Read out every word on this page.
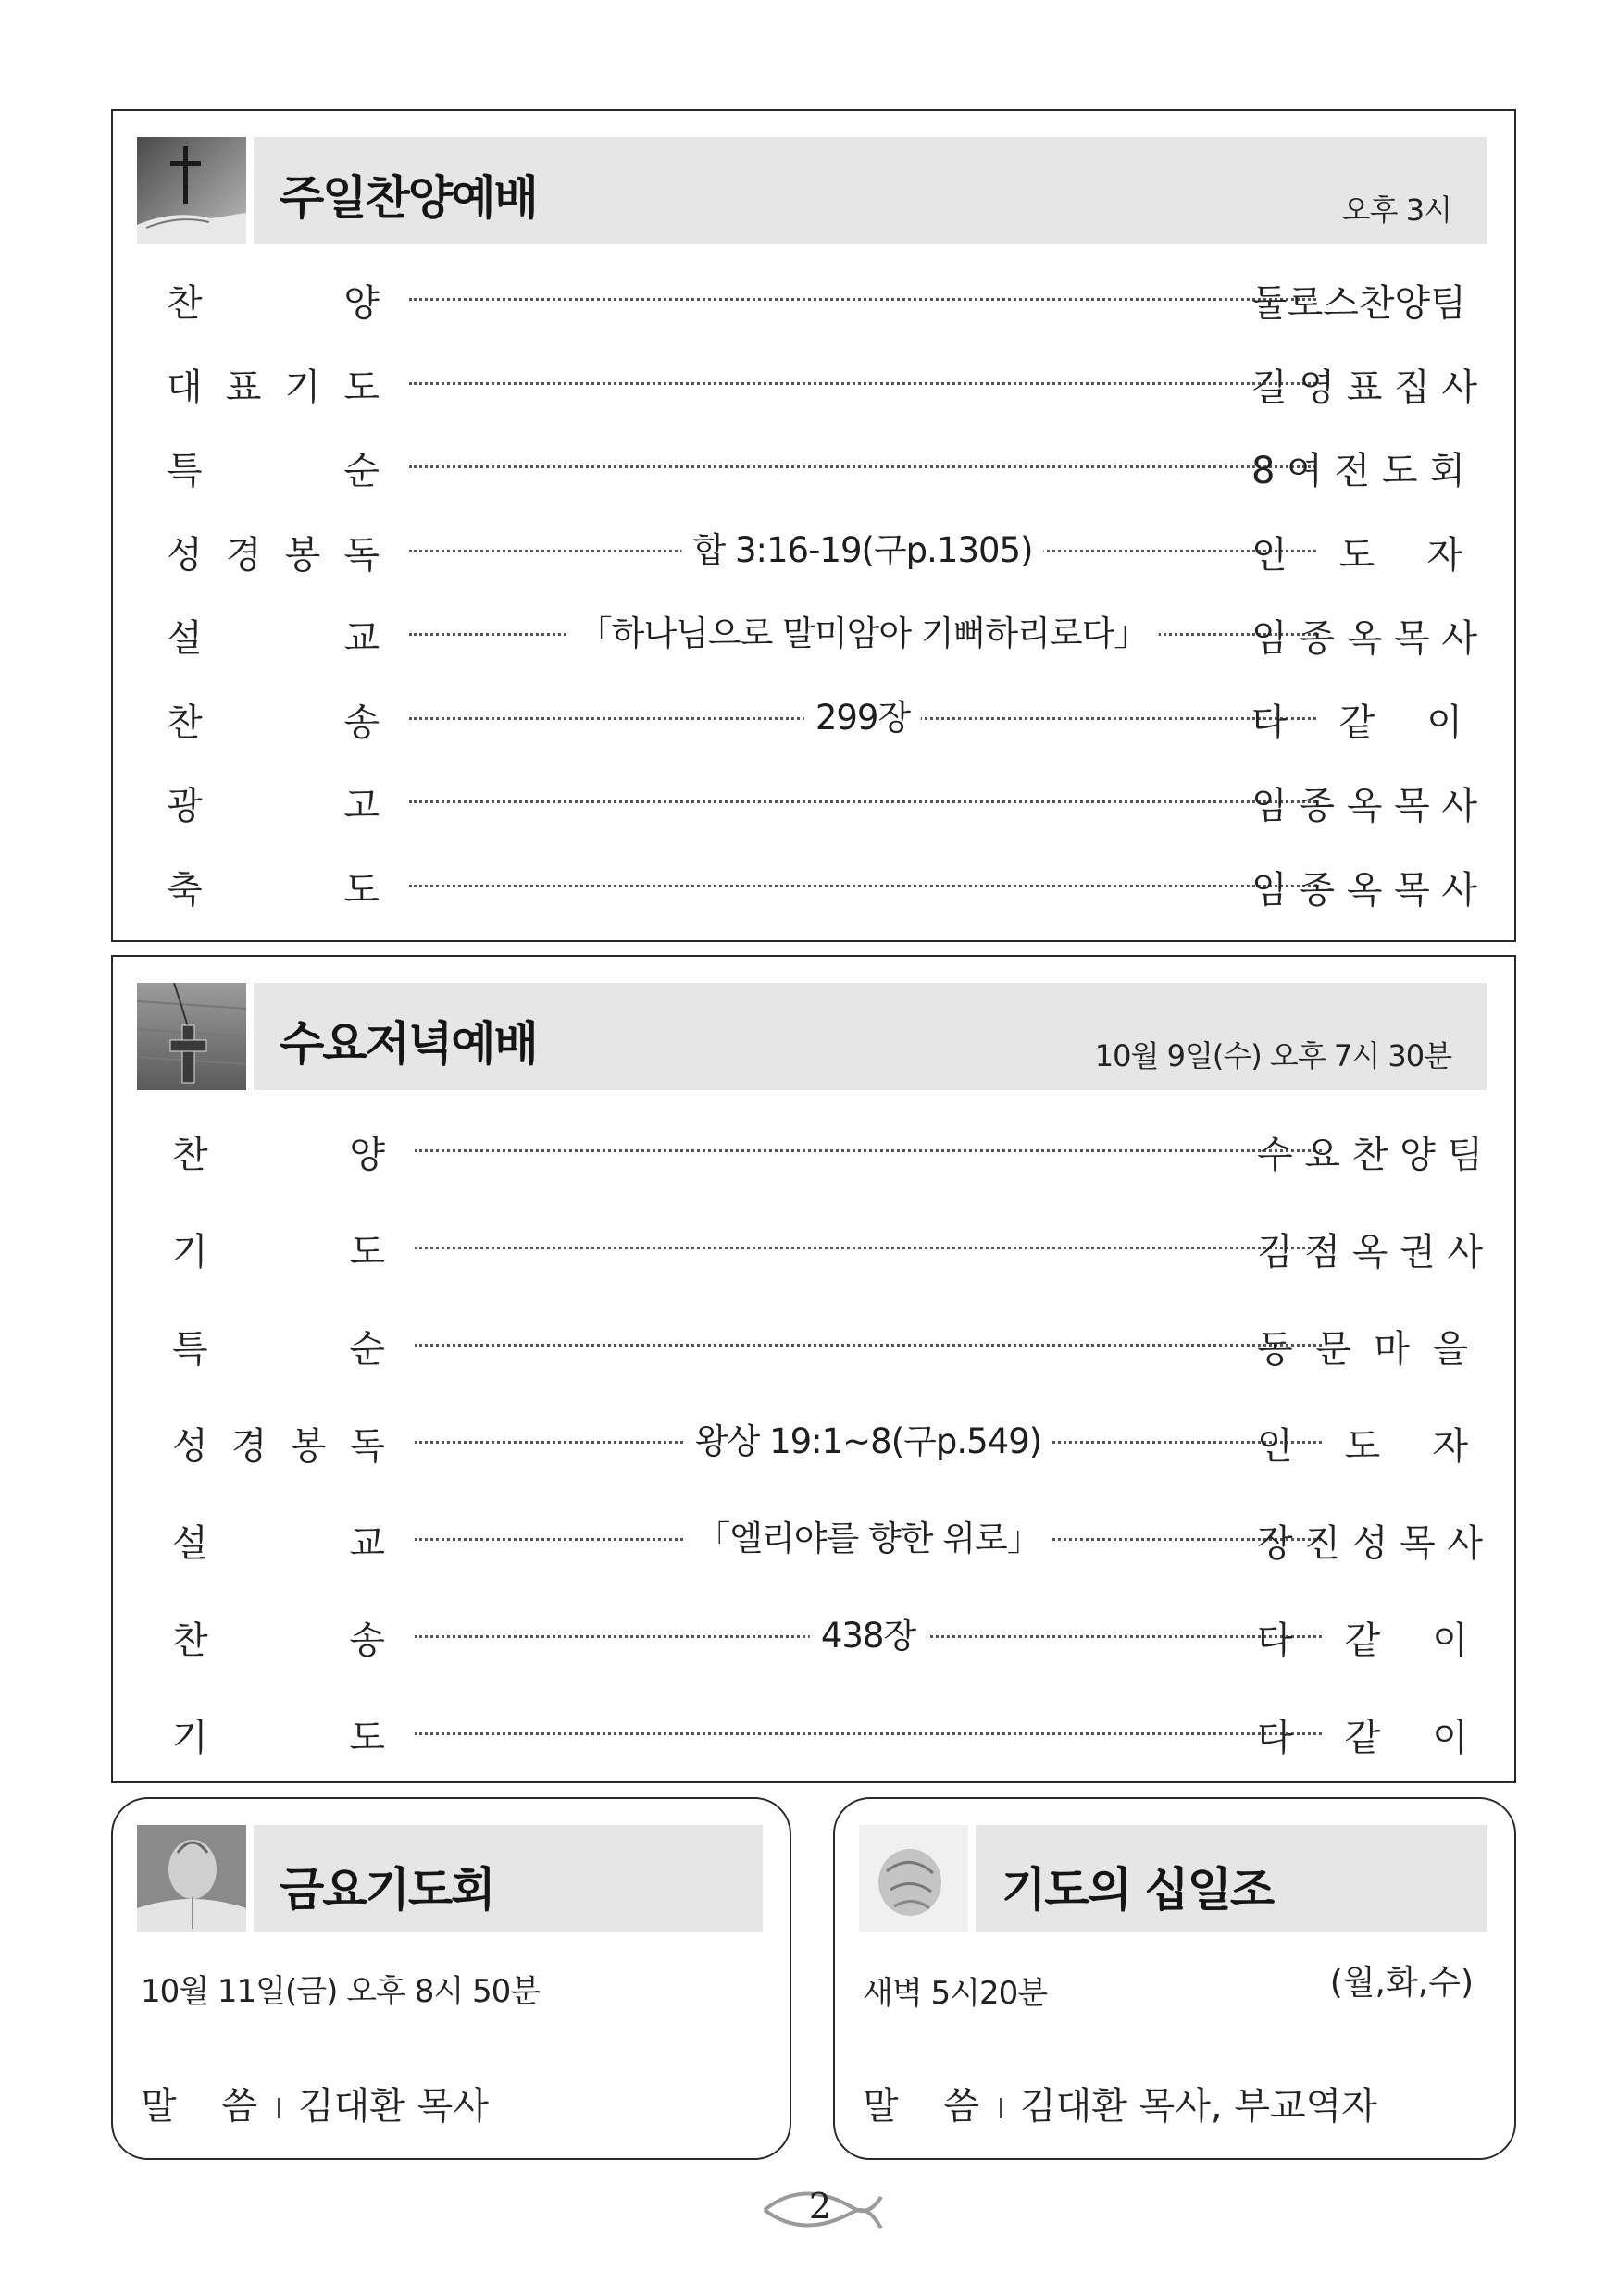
주일찬양예배	오후 3시
찬 양	둘로스찬양팀
대 표 기 도	길 영 표 집 사
특 순	8 여 전 도 회
성 경 봉 독	합 3:16-19(구p.1305)	인 도 자
설 교	「하나님으로 말미암아 기뻐하리로다」	임 종 옥 목 사
찬 송	299장	다 같 이
광 고	임 종 옥 목 사
축 도	임 종 옥 목 사
수요저녁예배	10월 9일(수) 오후 7시 30분
찬 양	수 요 찬 양 팀
기 도	김 점 옥 권 사
특 순	동 문 마 을
성 경 봉 독	왕상 19:1~8(구p.549)	인 도 자
설 교	「엘리야를 향한 위로」	장 진 성 목 사
찬 송	438장	다 같 이
기 도	다 같 이
금요기도회
10월 11일(금) 오후 8시 50분
말 씀 김대환 목사
기도의 십일조
새벽 5시20분	(월,화,수)
말 씀 김대환 목사, 부교역자
2
